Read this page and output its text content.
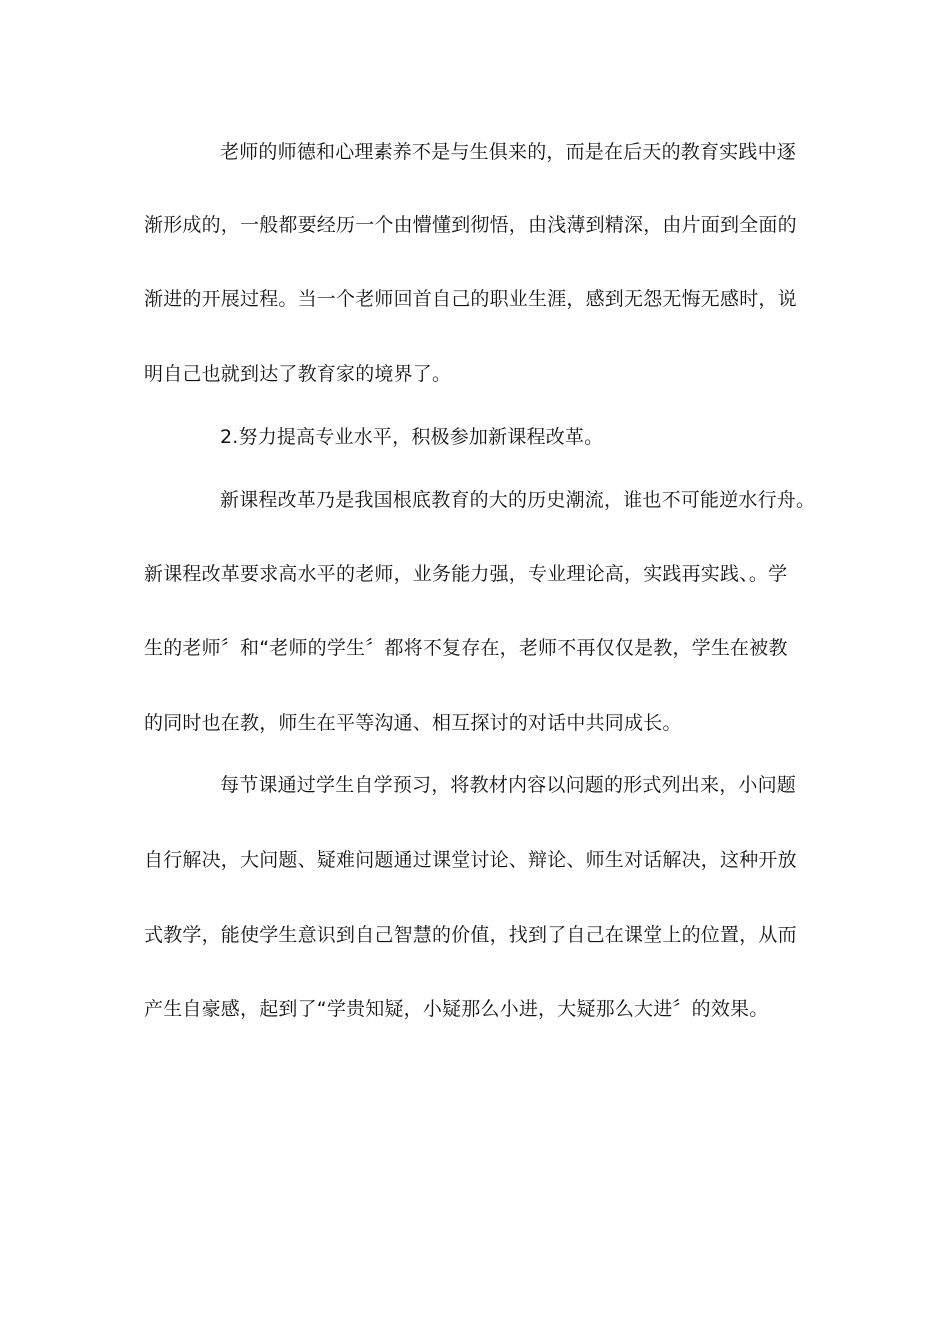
老师的师德和心理素养不是与生俱来的，而是在后天的教育实践中逐
渐形成的，一般都要经历一个由懵懂到彻悟，由浅薄到精深，由片面到全面的
渐进的开展过程。当一个老师回首自己的职业生涯，感到无怨无悔无感时，说
明自己也就到达了教育家的境界了。
2.努力提高专业水平，积极参加新课程改革。
新课程改革乃是我国根底教育的大的历史潮流，谁也不可能逆水行舟。
新课程改革要求高水平的老师，业务能力强，专业理论高，实践再实践、。学
生的老师〞和“老师的学生〞都将不复存在，老师不再仅仅是教，学生在被教
的同时也在教，师生在平等沟通、相互探讨的对话中共同成长。
每节课通过学生自学预习，将教材内容以问题的形式列出来，小问题
自行解决，大问题、疑难问题通过课堂讨论、辩论、师生对话解决，这种开放
式教学，能使学生意识到自己智慧的价值，找到了自己在课堂上的位置，从而
产生自豪感，起到了“学贵知疑，小疑那么小进，大疑那么大进〞的效果。
